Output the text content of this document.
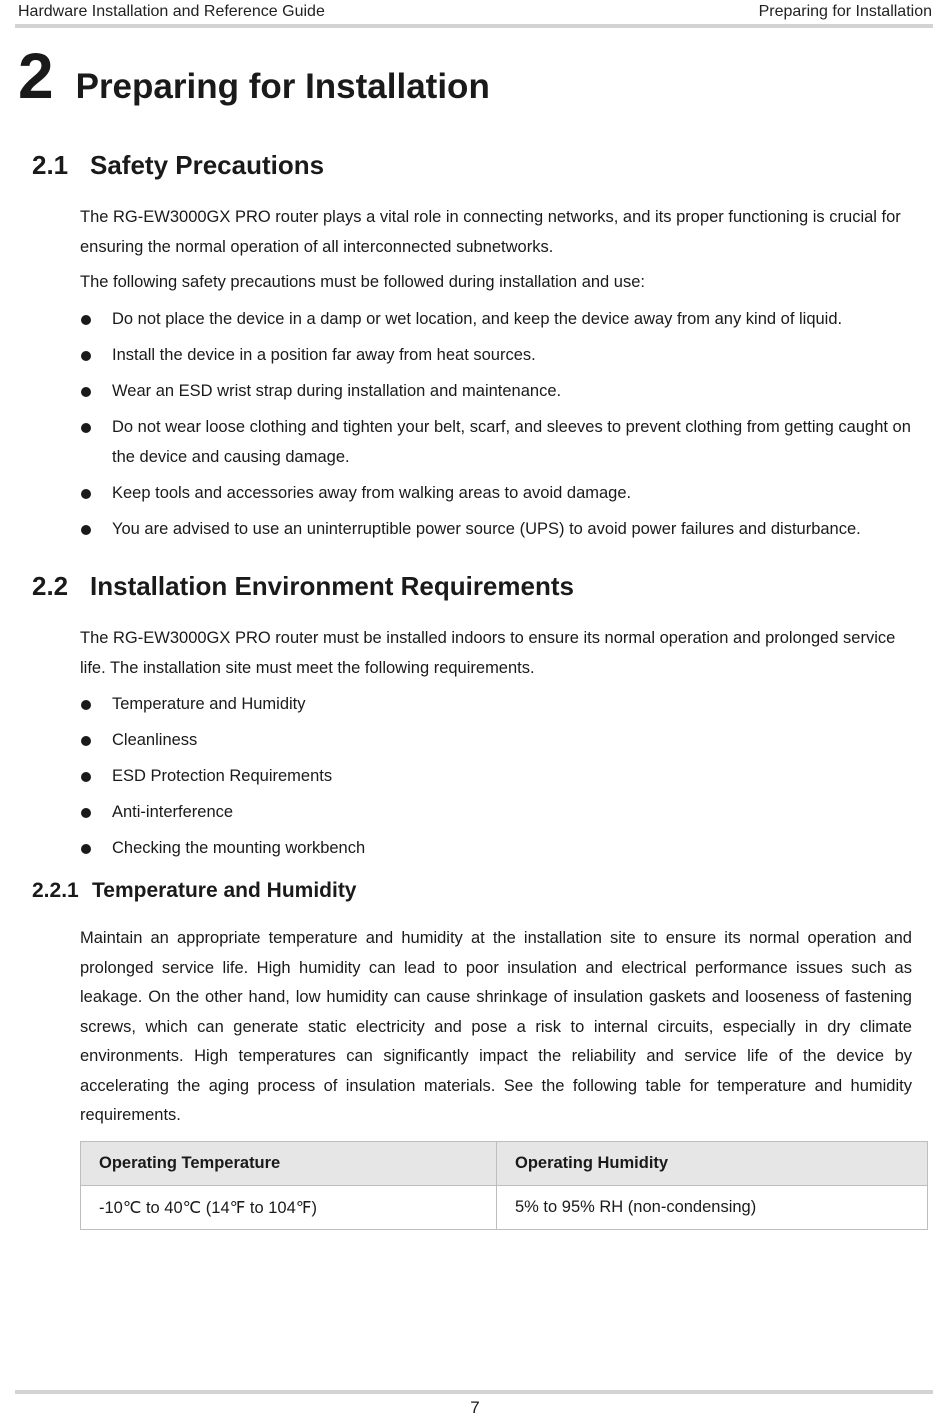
Hardware Installation and Reference Guide	Preparing for Installation
2 Preparing for Installation
2.1 Safety Precautions
The RG-EW3000GX PRO router plays a vital role in connecting networks, and its proper functioning is crucial for ensuring the normal operation of all interconnected subnetworks.
The following safety precautions must be followed during installation and use:
Do not place the device in a damp or wet location, and keep the device away from any kind of liquid.
Install the device in a position far away from heat sources.
Wear an ESD wrist strap during installation and maintenance.
Do not wear loose clothing and tighten your belt, scarf, and sleeves to prevent clothing from getting caught on the device and causing damage.
Keep tools and accessories away from walking areas to avoid damage.
You are advised to use an uninterruptible power source (UPS) to avoid power failures and disturbance.
2.2 Installation Environment Requirements
The RG-EW3000GX PRO router must be installed indoors to ensure its normal operation and prolonged service life. The installation site must meet the following requirements.
Temperature and Humidity
Cleanliness
ESD Protection Requirements
Anti-interference
Checking the mounting workbench
2.2.1 Temperature and Humidity
Maintain an appropriate temperature and humidity at the installation site to ensure its normal operation and prolonged service life. High humidity can lead to poor insulation and electrical performance issues such as leakage. On the other hand, low humidity can cause shrinkage of insulation gaskets and looseness of fastening screws, which can generate static electricity and pose a risk to internal circuits, especially in dry climate environments. High temperatures can significantly impact the reliability and service life of the device by accelerating the aging process of insulation materials. See the following table for temperature and humidity requirements.
Operating Temperature	Operating Humidity
-10℃ to 40℃ (14℉ to 104℉)	5% to 95% RH (non-condensing)
7
